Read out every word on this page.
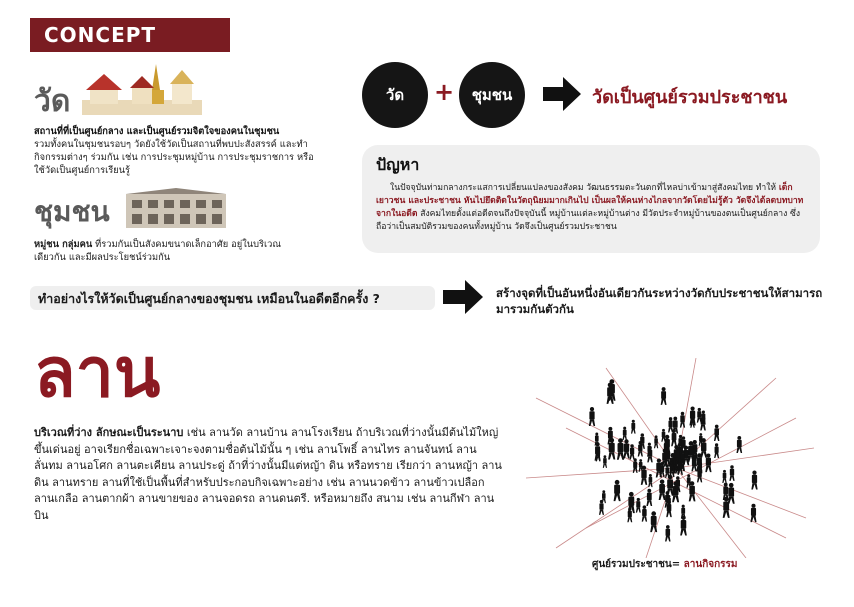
CONCEPT
วัด
สถานที่ที่เป็นศูนย์กลาง และเป็นศูนย์รวมจิตใจของคนในชุมชน
รวมทั้งคนในชุมชนรอบๆ วัดยังใช้วัดเป็นสถานที่พบปะสังสรรค์ และทำกิจกรรมต่างๆ ร่วมกัน เช่น การประชุมหมู่บ้าน การประชุมราชการ หรือใช้วัดเป็นศูนย์การเรียนรู้
ชุมชน
หมู่ชน กลุ่มคน ที่รวมกันเป็นสังคมขนาดเล็กอาศัย อยู่ในบริเวณเดียวกัน และมีผลประโยชน์ร่วมกัน
วัด	+	ชุมชน	วัดเป็นศูนย์รวมประชาชน
ปัญหา
ในปัจจุบันท่ามกลางกระแสการเปลี่ยนแปลงของสังคม วัฒนธรรมตะวันตกที่ไหลบ่าเข้ามาสู่สังคมไทย ทำให้ เด็ก เยาวชน และประชาชน หันไปยึดติดในวัตถุนิยมมากเกินไป เป็นผลให้คนห่างไกลจากวัดโดยไม่รู้ตัว วัดจึงได้ลดบทบาทจากในอดีต สังคมไทยตั้งแต่อดีตจนถึงปัจจุบันนี้ หมู่บ้านแต่ละหมู่บ้านต่าง มีวัดประจำหมู่บ้านของตนเป็นศูนย์กลาง ซึ่งถือว่าเป็นสมบัติรวมของคนทั้งหมู่บ้าน วัดจึงเป็นศูนย์รวมประชาชน
ทำอย่างไรให้วัดเป็นศูนย์กลางของชุมชน เหมือนในอดีตอีกครั้ง ?	สร้างจุดที่เป็นอันหนึ่งอันเดียวกันระหว่างวัดกับประชาชนให้สามารถมารวมกันตัวกัน
ลาน
บริเวณที่ว่าง ลักษณะเป็นระนาบ เช่น ลานวัด ลานบ้าน ลานโรงเรียน ถ้าบริเวณที่ว่างนั้นมีต้นไม้ใหญ่ขึ้นเด่นอยู่ อาจเรียกชื่อเฉพาะเจาะจงตามชื่อต้นไม้นั้น ๆ เช่น ลานโพธิ์ ลานไทร ลานจันทน์ ลานลั่นทม ลานอโศก ลานตะเคียน ลานประดู่ ถ้าที่ว่างนั้นมีแต่หญ้า ดิน หรือทราย เรียกว่า ลานหญ้า ลานดิน ลานทราย ลานที่ใช้เป็นพื้นที่สำหรับประกอบกิจเฉพาะอย่าง เช่น ลานนวดข้าว ลานข้าวเปลือก ลานเกลือ ลานตากผ้า ลานขายของ ลานจอดรถ ลานดนตรี. หรือหมายถึง สนาม เช่น ลานกีฬา ลานบิน
ศูนย์รวมประชาชน= ลานกิจกรรม
